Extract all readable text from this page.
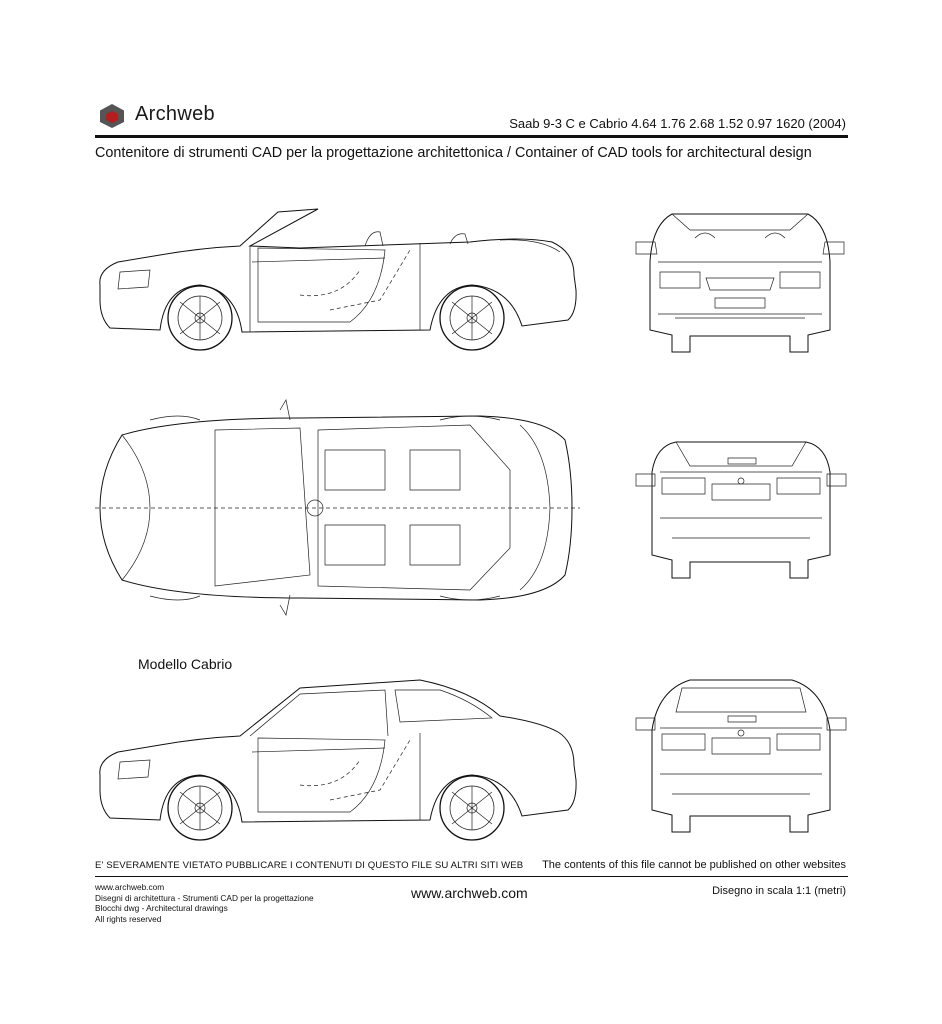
Archweb	Saab 9-3 C e Cabrio 4.64 1.76 2.68 1.52 0.97 1620 (2004)
Contenitore di strumenti CAD per la progettazione architettonica / Container of CAD tools for architectural design
Modello Cabrio
E' SEVERAMENTE VIETATO PUBBLICARE I CONTENUTI DI QUESTO FILE SU ALTRI SITI WEB The contents of this file cannot be published on other websites
www.archweb.com
Disegni di architettura - Strumenti CAD per la progettazione
Blocchi dwg - Architectural drawings
All rights reserved
www.archweb.com	Disegno in scala 1:1 (metri)
